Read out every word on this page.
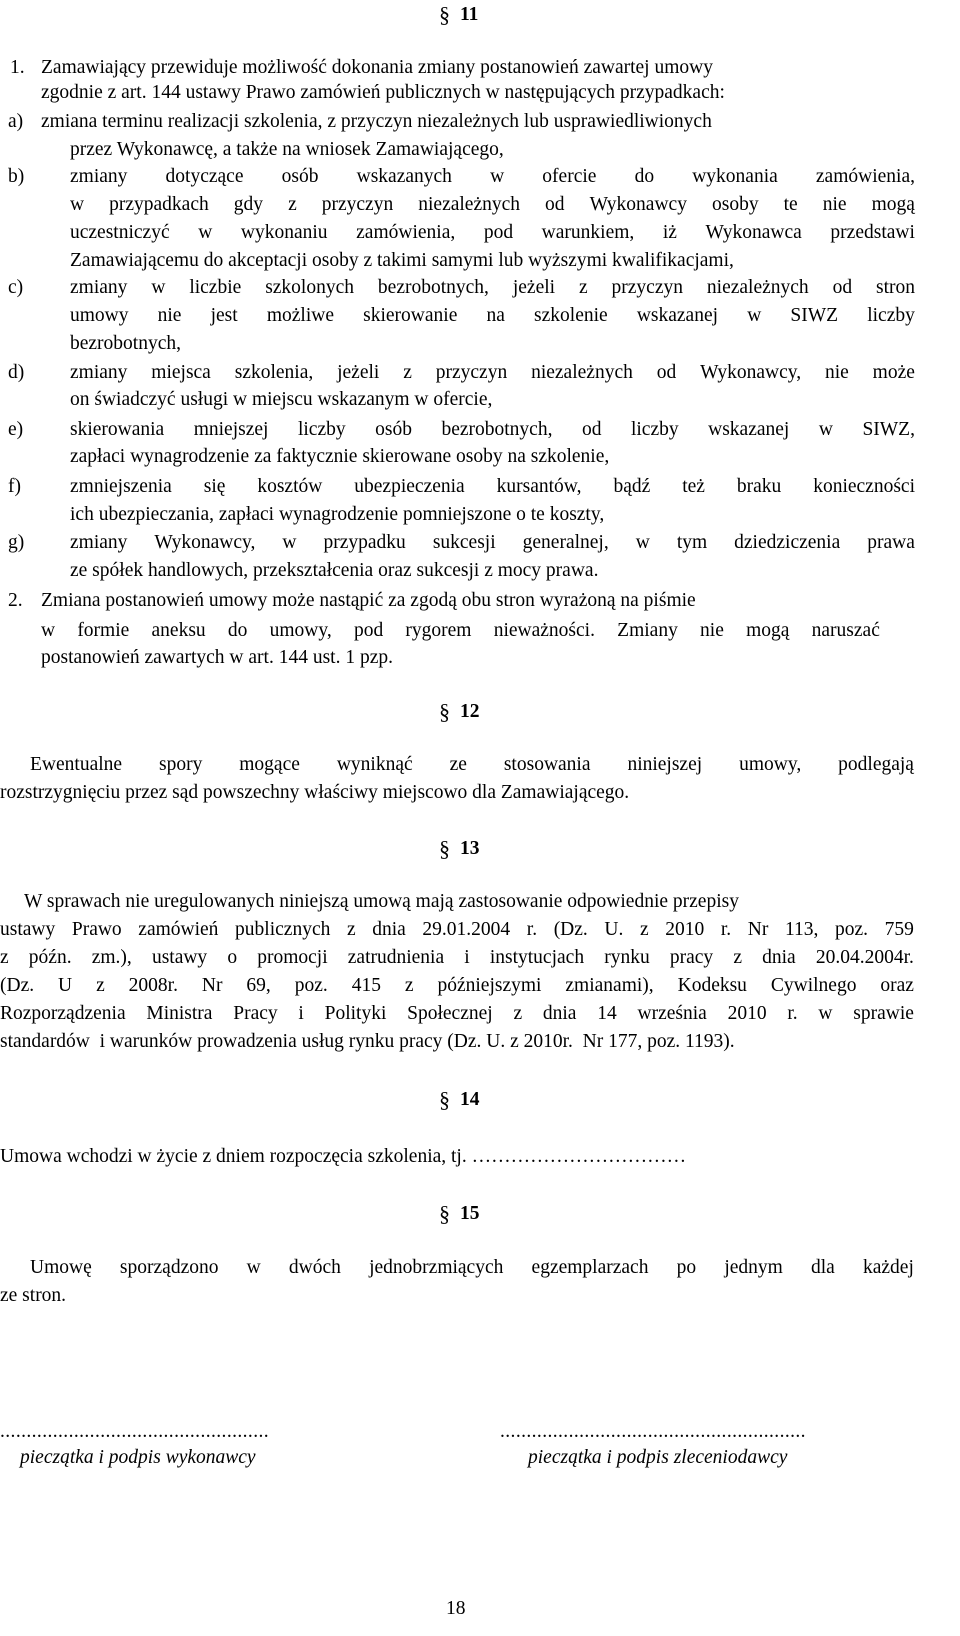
§ 11
1. Zamawiający przewiduje możliwość dokonania zmiany postanowień zawartej umowy
zgodnie z art. 144 ustawy Prawo zamówień publicznych w następujących przypadkach:
a) zmiana terminu realizacji szkolenia, z przyczyn niezależnych lub usprawiedliwionych
przez Wykonawcę, a także na wniosek Zamawiającego,
b) zmiany dotyczące osób wskazanych w ofercie do wykonania zamówienia,
w przypadkach gdy z przyczyn niezależnych od Wykonawcy osoby te nie mogą
uczestniczyć w wykonaniu zamówienia, pod warunkiem, iż Wykonawca przedstawi
Zamawiającemu do akceptacji osoby z takimi samymi lub wyższymi kwalifikacjami,
c) zmiany w liczbie szkolonych bezrobotnych, jeżeli z przyczyn niezależnych od stron
umowy nie jest możliwe skierowanie na szkolenie wskazanej w SIWZ liczby
bezrobotnych,
d) zmiany miejsca szkolenia, jeżeli z przyczyn niezależnych od Wykonawcy, nie może
on świadczyć usługi w miejscu wskazanym w ofercie,
e) skierowania mniejszej liczby osób bezrobotnych, od liczby wskazanej w SIWZ,
zapłaci wynagrodzenie za faktycznie skierowane osoby na szkolenie,
f)	zmniejszenia się kosztów ubezpieczenia kursantów, bądź też braku konieczności
ich ubezpieczania, zapłaci wynagrodzenie pomniejszone o te koszty,
g) zmiany Wykonawcy, w przypadku sukcesji generalnej, w tym dziedziczenia prawa
ze spółek handlowych, przekształcenia oraz sukcesji z mocy prawa.
2. Zmiana postanowień umowy może nastąpić za zgodą obu stron wyrażoną na piśmie
w formie aneksu do umowy, pod rygorem nieważności. Zmiany nie mogą naruszać
postanowień zawartych w art. 144 ust. 1 pzp.
§ 12
Ewentualne spory mogące wyniknąć ze stosowania niniejszej umowy, podlegają
rozstrzygnięciu przez sąd powszechny właściwy miejscowo dla Zamawiającego.
§ 13
W sprawach nie uregulowanych niniejszą umową mają zastosowanie odpowiednie przepisy
ustawy Prawo zamówień publicznych z dnia 29.01.2004 r. (Dz. U. z 2010 r. Nr 113, poz. 759
z późn. zm.), ustawy o promocji zatrudnienia i instytucjach rynku pracy z dnia 20.04.2004r.
(Dz. U z 2008r. Nr 69, poz. 415 z późniejszymi zmianami), Kodeksu Cywilnego oraz
Rozporządzenia Ministra Pracy i Polityki Społecznej z dnia 14 września 2010 r. w sprawie
standardów  i warunków prowadzenia usług rynku pracy (Dz. U. z 2010r.  Nr 177, poz. 1193).
§ 14
Umowa wchodzi w życie z dniem rozpoczęcia szkolenia, tj. ……………………………
§ 15
Umowę sporządzono w dwóch jednobrzmiących egzemplarzach po jednym dla każdej
ze stron.
...................................................	..........................................................
pieczątka i podpis wykonawcy	pieczątka i podpis zleceniodawcy
18
